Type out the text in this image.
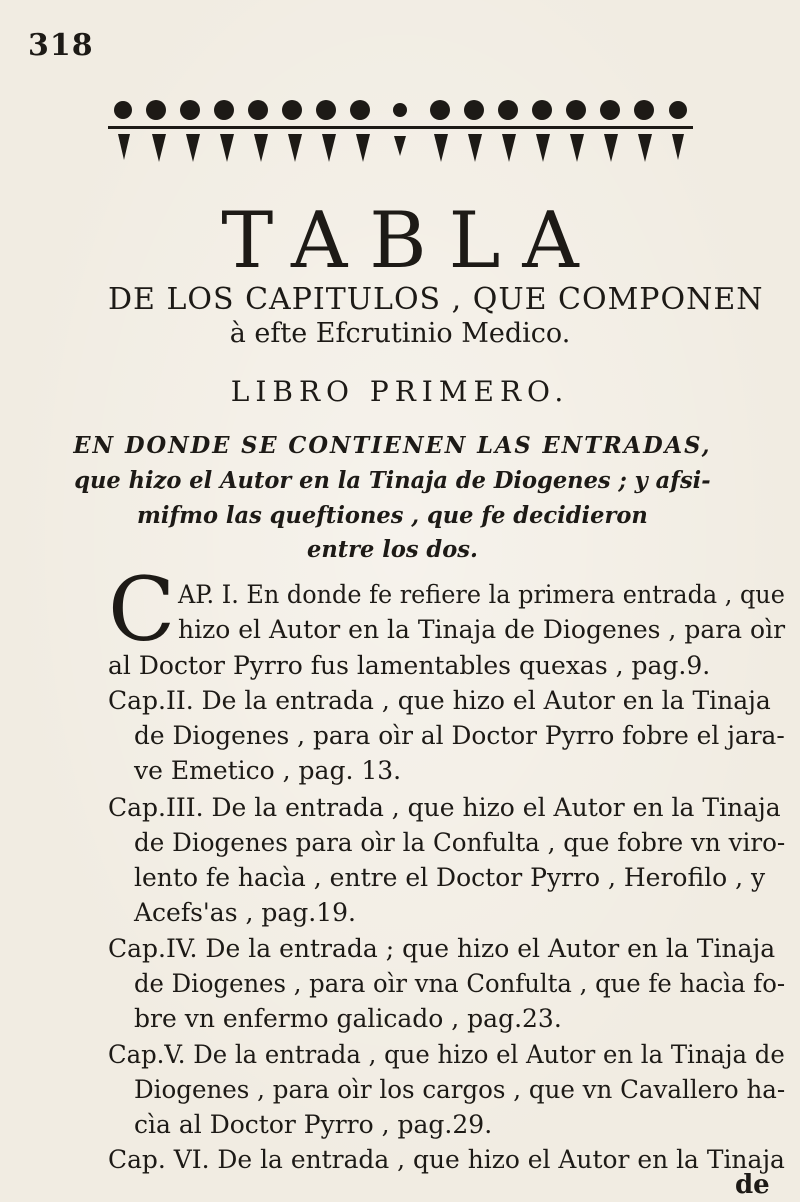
318
TABLA
DE LOS CAPITULOS , QUE COMPONEN
à efte Efcrutinio Medico.
LIBRO PRIMERO.
EN DONDE SE CONTIENEN LAS ENTRADAS,
que hizo el Autor en la Tinaja de Diogenes ; y afsi-
mifmo las queftiones , que fe decidieron
entre los dos.
C AP. I. En donde fe refiere la primera entrada , que
hizo el Autor en la Tinaja de Diogenes , para oìr
al Doctor Pyrro fus lamentables quexas , pag.9.
Cap.II. De la entrada , que hizo el Autor en la Tinaja
de Diogenes , para oìr al Doctor Pyrro fobre el jara-
ve Emetico , pag. 13.
Cap.III. De la entrada , que hizo el Autor en la Tinaja
de Diogenes para oìr la Confulta , que fobre vn viro-
lento fe hacìa , entre el Doctor Pyrro , Herofilo , y
Acefs'as , pag.19.
Cap.IV. De la entrada ; que hizo el Autor en la Tinaja
de Diogenes , para oìr vna Confulta , que fe hacìa fo-
bre vn enfermo galicado , pag.23.
Cap.V. De la entrada , que hizo el Autor en la Tinaja de
Diogenes , para oìr los cargos , que vn Cavallero ha-
cìa al Doctor Pyrro , pag.29.
Cap. VI. De la entrada , que hizo el Autor en la Tinaja
de
